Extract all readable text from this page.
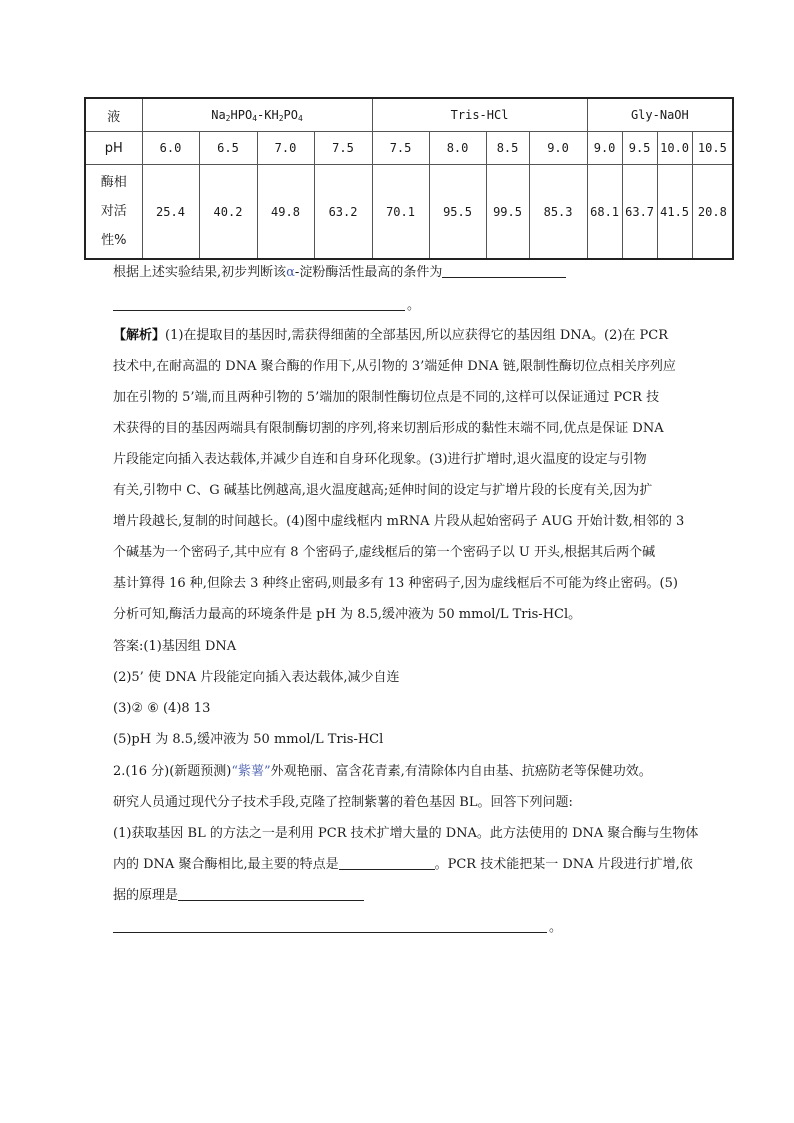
液	$Na_2HPO_4-KH_2PO_4$				Tris-HCl				Gly-NaOH			
pH	6.0	6.5	7.0	7.5	7.5	8.0	8.5	9.0	9.0	9.5	10.0	10.5

酶相
对活
性%	25.4	40.2	49.8	63.2	70.1	95.5	99.5	85.3	68.1	63.7	41.5	20.8
根据上述实验结果,初步判断该α-淀粉酶活性最高的条件为
。
【解析】(1)在提取目的基因时,需获得细菌的全部基因,所以应获得它的基因组 DNA。(2)在 PCR
技术中,在耐高温的 DNA 聚合酶的作用下,从引物的 3’端延伸 DNA 链,限制性酶切位点相关序列应
加在引物的 5’端,而且两种引物的 5’端加的限制性酶切位点是不同的,这样可以保证通过 PCR 技
术获得的目的基因两端具有限制酶切割的序列,将来切割后形成的黏性末端不同,优点是保证 DNA
片段能定向插入表达载体,并减少自连和自身环化现象。(3)进行扩增时,退火温度的设定与引物
有关,引物中 C、G 碱基比例越高,退火温度越高;延伸时间的设定与扩增片段的长度有关,因为扩
增片段越长,复制的时间越长。(4)图中虚线框内 mRNA 片段从起始密码子 AUG 开始计数,相邻的 3
个碱基为一个密码子,其中应有 8 个密码子,虚线框后的第一个密码子以 U 开头,根据其后两个碱
基计算得 16 种,但除去 3 种终止密码,则最多有 13 种密码子,因为虚线框后不可能为终止密码。(5)
分析可知,酶活力最高的环境条件是 pH 为 8.5,缓冲液为 50 mmol/L Tris-HCl。
答案:(1)基因组 DNA
(2)5’ 使 DNA 片段能定向插入表达载体,减少自连
(3)② ⑥ (4)8 13
(5)pH 为 8.5,缓冲液为 50 mmol/L Tris-HCl
2.(16 分)(新题预测)“紫薯”外观艳丽、富含花青素,有清除体内自由基、抗癌防老等保健功效。
研究人员通过现代分子技术手段,克隆了控制紫薯的着色基因 BL。回答下列问题:
(1)获取基因 BL 的方法之一是利用 PCR 技术扩增大量的 DNA。此方法使用的 DNA 聚合酶与生物体
内的 DNA 聚合酶相比,最主要的特点是	。PCR 技术能把某一 DNA 片段进行扩增,依
据的原理是
。
